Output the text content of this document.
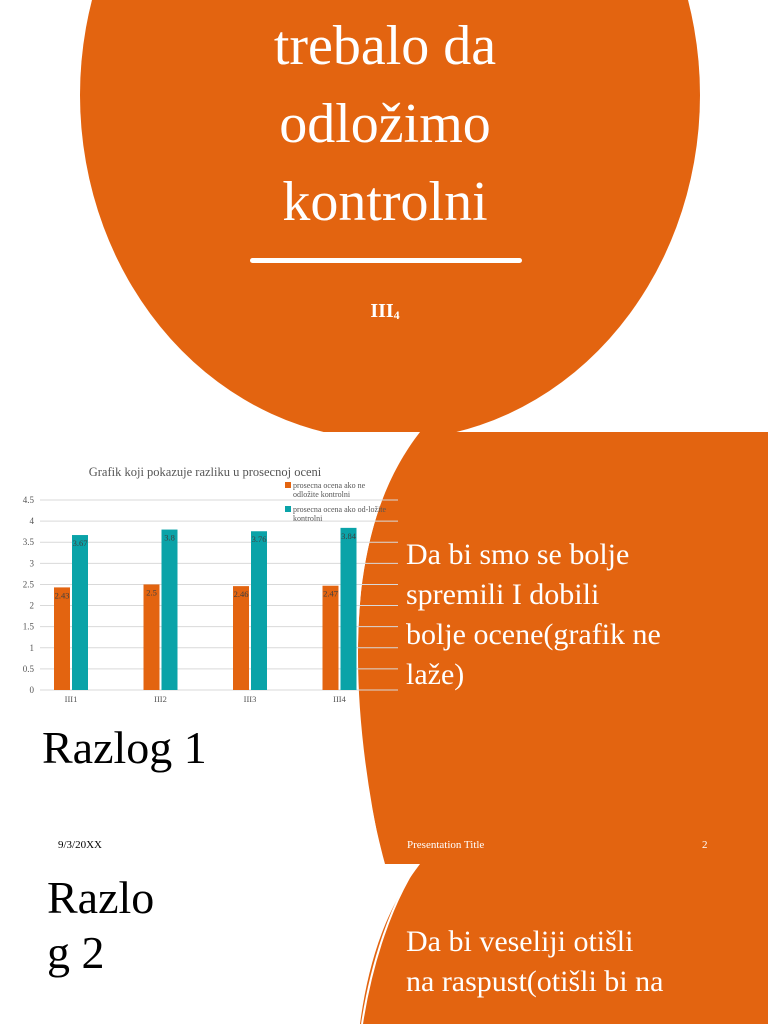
trebalo da
odložimo
kontrolni
$III_4$
Grafik koji pokazuje razliku u prosecnoj oceni
0
0.5
1
1.5
2
2.5
3
3.5
4
4.5
2.43
3.67
III1
2.5
3.8
III2
2.46
3.76
III3
2.47
3.84
III4
prosecna ocena ako ne
odložite kontrolni
prosecna ocena ako od-ložite
kontrolni
Razlog 1
Da bi smo se bolje
spremili I dobili
bolje ocene(grafik ne
laže)
9/3/20XX	Presentation Title	2
Razlo
g 2	Da bi veseliji otišli
na raspust(otišli bi na
